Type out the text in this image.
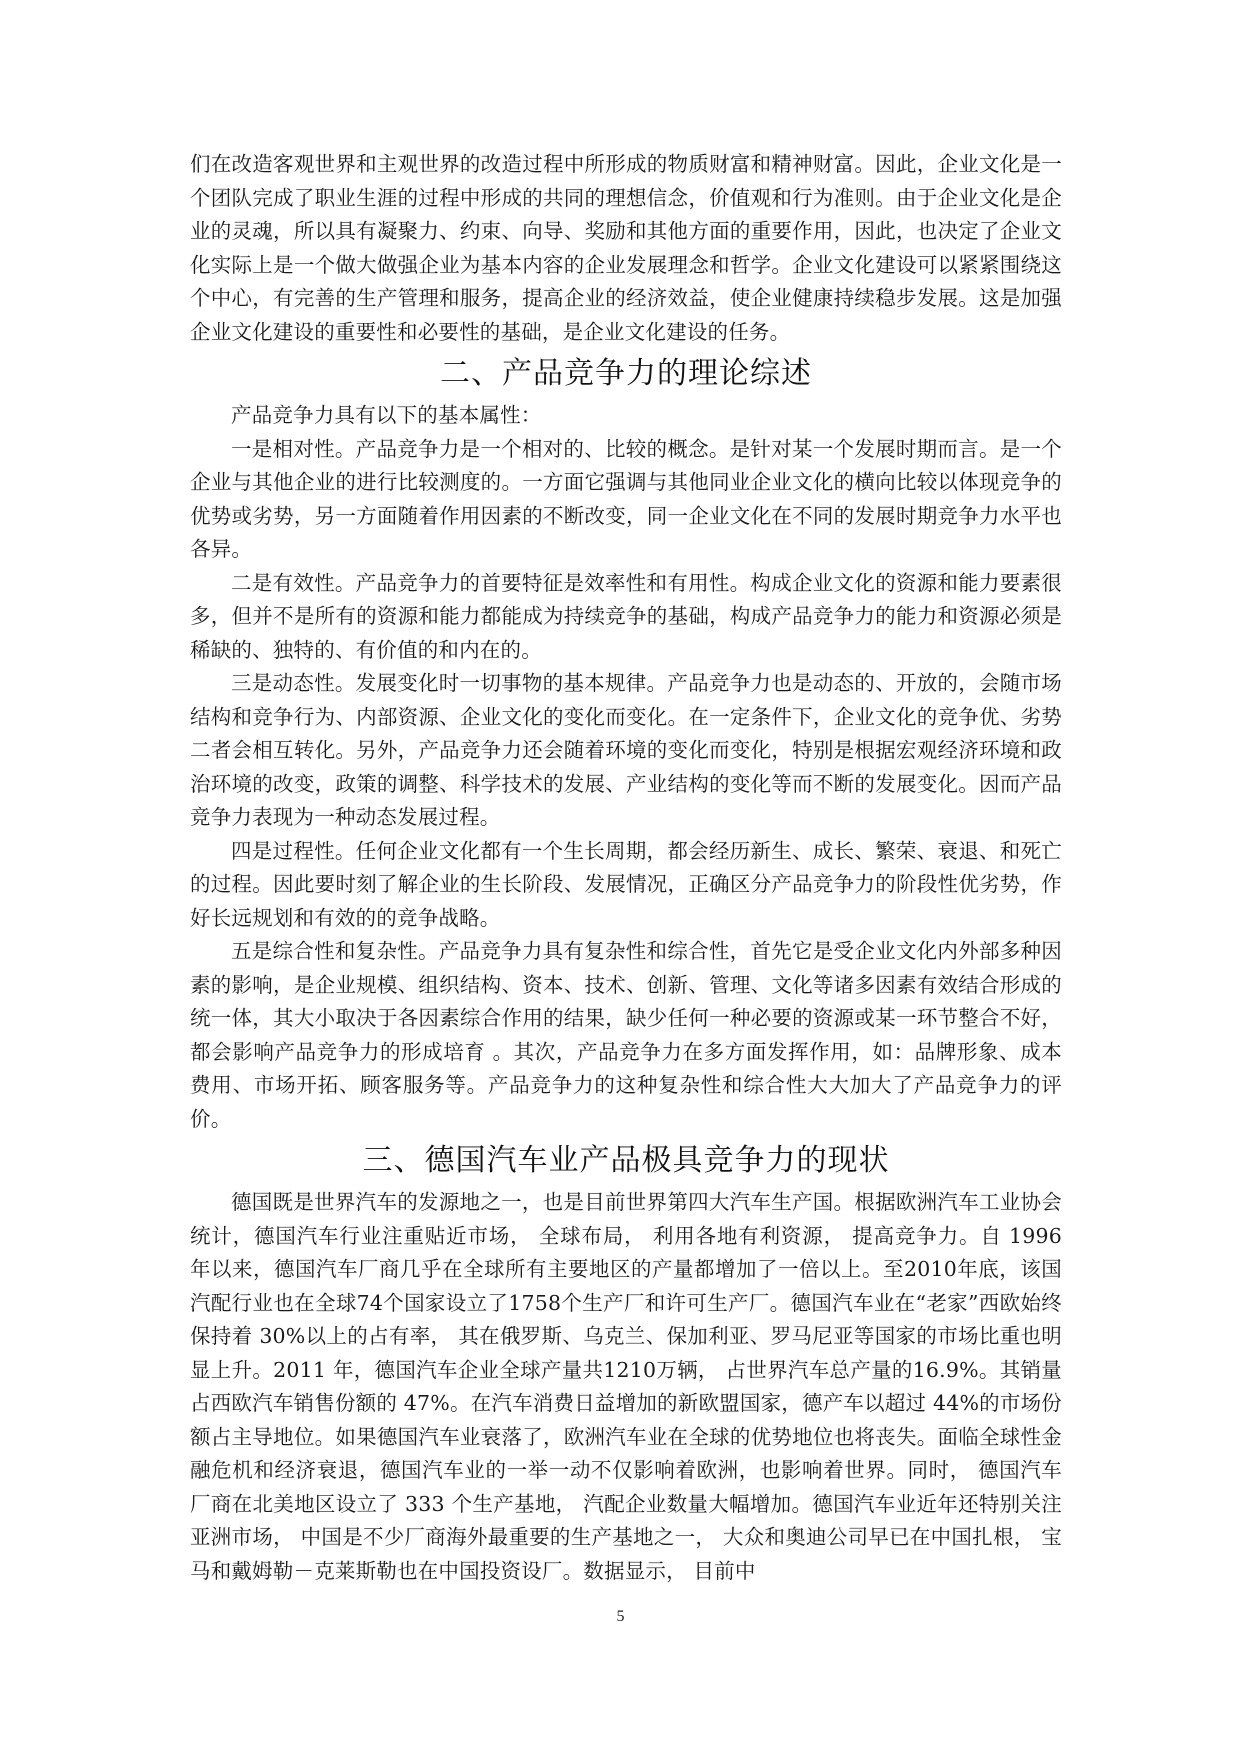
们在改造客观世界和主观世界的改造过程中所形成的物质财富和精神财富。因此，企业文化是一个团队完成了职业生涯的过程中形成的共同的理想信念，价值观和行为准则。由于企业文化是企业的灵魂，所以具有凝聚力、约束、向导、奖励和其他方面的重要作用，因此，也决定了企业文化实际上是一个做大做强企业为基本内容的企业发展理念和哲学。企业文化建设可以紧紧围绕这个中心，有完善的生产管理和服务，提高企业的经济效益，使企业健康持续稳步发展。这是加强企业文化建设的重要性和必要性的基础，是企业文化建设的任务。

二、产品竞争力的理论综述

产品竞争力具有以下的基本属性：

一是相对性。产品竞争力是一个相对的、比较的概念。是针对某一个发展时期而言。是一个企业与其他企业的进行比较测度的。一方面它强调与其他同业企业文化的横向比较以体现竞争的优势或劣势，另一方面随着作用因素的不断改变，同一企业文化在不同的发展时期竞争力水平也各异。

二是有效性。产品竞争力的首要特征是效率性和有用性。构成企业文化的资源和能力要素很多，但并不是所有的资源和能力都能成为持续竞争的基础，构成产品竞争力的能力和资源必须是稀缺的、独特的、有价值的和内在的。

三是动态性。发展变化时一切事物的基本规律。产品竞争力也是动态的、开放的，会随市场结构和竞争行为、内部资源、企业文化的变化而变化。在一定条件下，企业文化的竞争优、劣势二者会相互转化。另外，产品竞争力还会随着环境的变化而变化，特别是根据宏观经济环境和政治环境的改变，政策的调整、科学技术的发展、产业结构的变化等而不断的发展变化。因而产品竞争力表现为一种动态发展过程。

四是过程性。任何企业文化都有一个生长周期，都会经历新生、成长、繁荣、衰退、和死亡的过程。因此要时刻了解企业的生长阶段、发展情况，正确区分产品竞争力的阶段性优劣势，作好长远规划和有效的的竞争战略。

五是综合性和复杂性。产品竞争力具有复杂性和综合性，首先它是受企业文化内外部多种因素的影响，是企业规模、组织结构、资本、技术、创新、管理、文化等诸多因素有效结合形成的统一体，其大小取决于各因素综合作用的结果，缺少任何一种必要的资源或某一环节整合不好，都会影响产品竞争力的形成培育 。其次，产品竞争力在多方面发挥作用，如：品牌形象、成本费用、市场开拓、顾客服务等。产品竞争力的这种复杂性和综合性大大加大了产品竞争力的评价。

三、德国汽车业产品极具竞争力的现状

德国既是世界汽车的发源地之一，也是目前世界第四大汽车生产国。根据欧洲汽车工业协会统计，德国汽车行业注重贴近市场， 全球布局， 利用各地有利资源， 提高竞争力。自 1996 年以来，德国汽车厂商几乎在全球所有主要地区的产量都增加了一倍以上。至2010年底，该国汽配行业也在全球74个国家设立了1758个生产厂和许可生产厂。德国汽车业在“老家”西欧始终保持着 30%以上的占有率， 其在俄罗斯、乌克兰、保加利亚、罗马尼亚等国家的市场比重也明显上升。2011 年，德国汽车企业全球产量共1210万辆， 占世界汽车总产量的16.9%。其销量占西欧汽车销售份额的 47%。在汽车消费日益增加的新欧盟国家，德产车以超过 44%的市场份额占主导地位。如果德国汽车业衰落了，欧洲汽车业在全球的优势地位也将丧失。面临全球性金融危机和经济衰退，德国汽车业的一举一动不仅影响着欧洲，也影响着世界。同时， 德国汽车厂商在北美地区设立了 333 个生产基地， 汽配企业数量大幅增加。德国汽车业近年还特别关注亚洲市场， 中国是不少厂商海外最重要的生产基地之一， 大众和奥迪公司早已在中国扎根， 宝马和戴姆勒－克莱斯勒也在中国投资设厂。数据显示， 目前中

5
